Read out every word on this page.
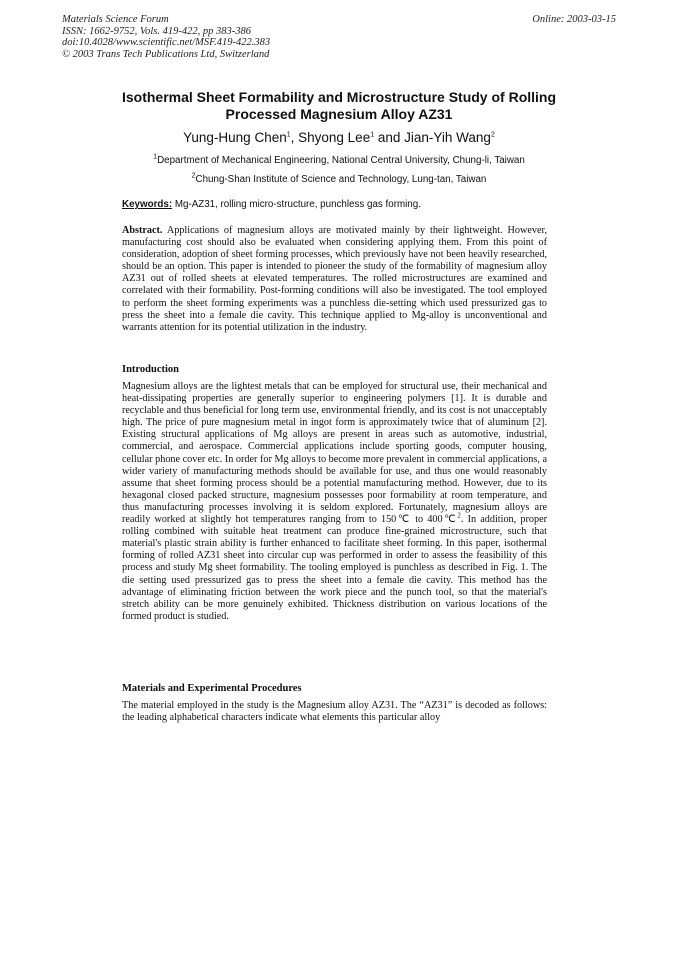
Materials Science Forum
ISSN: 1662-9752, Vols. 419-422, pp 383-386
doi:10.4028/www.scientific.net/MSF.419-422.383
© 2003 Trans Tech Publications Ltd, Switzerland
Online: 2003-03-15
Isothermal Sheet Formability and Microstructure Study of Rolling
Processed Magnesium Alloy AZ31
Yung-Hung Chen$^1$, Shyong Lee$^1$ and Jian-Yih Wang$^2$
$^1$Department of Mechanical Engineering, National Central University, Chung-li, Taiwan
$^2$Chung-Shan Institute of Science and Technology, Lung-tan, Taiwan
Keywords: Mg-AZ31, rolling micro-structure, punchless gas forming.
Abstract. Applications of magnesium alloys are motivated mainly by their lightweight. However, manufacturing cost should also be evaluated when considering applying them. From this point of consideration, adoption of sheet forming processes, which previously have not been heavily researched, should be an option. This paper is intended to pioneer the study of the formability of magnesium alloy AZ31 out of rolled sheets at elevated temperatures. The rolled microstructures are examined and correlated with their formability. Post-forming conditions will also be investigated. The tool employed to perform the sheet forming experiments was a punchless die-setting which used pressurized gas to press the sheet into a female die cavity. This technique applied to Mg-alloy is unconventional and warrants attention for its potential utilization in the industry.
Introduction
Magnesium alloys are the lightest metals that can be employed for structural use, their mechanical and heat-dissipating properties are generally superior to engineering polymers [1]. It is durable and recyclable and thus beneficial for long term use, environmental friendly, and its cost is not unacceptably high. The price of pure magnesium metal in ingot form is approximately twice that of aluminum [2]. Existing structural applications of Mg alloys are present in areas such as automotive, industrial, commercial, and aerospace. Commercial applications include sporting goods, computer housing, cellular phone cover etc. In order for Mg alloys to become more prevalent in commercial applications, a wider variety of manufacturing methods should be available for use, and thus one would reasonably assume that sheet forming process should be a potential manufacturing method. However, due to its hexagonal closed packed structure, magnesium possesses poor formability at room temperature, and thus manufacturing processes involving it is seldom explored. Fortunately, magnesium alloys are readily worked at slightly hot temperatures ranging from to 150℃ to 400℃$^2$. In addition, proper rolling combined with suitable heat treatment can produce fine-grained microstructure, such that material's plastic strain ability is further enhanced to facilitate sheet forming. In this paper, isothermal forming of rolled AZ31 sheet into circular cup was performed in order to assess the feasibility of this process and study Mg sheet formability. The tooling employed is punchless as described in Fig. 1. The die setting used pressurized gas to press the sheet into a female die cavity. This method has the advantage of eliminating friction between the work piece and the punch tool, so that the material's stretch ability can be more genuinely exhibited. Thickness distribution on various locations of the formed product is studied.
Materials and Experimental Procedures
The material employed in the study is the Magnesium alloy AZ31. The “AZ31” is decoded as follows: the leading alphabetical characters indicate what elements this particular alloy
